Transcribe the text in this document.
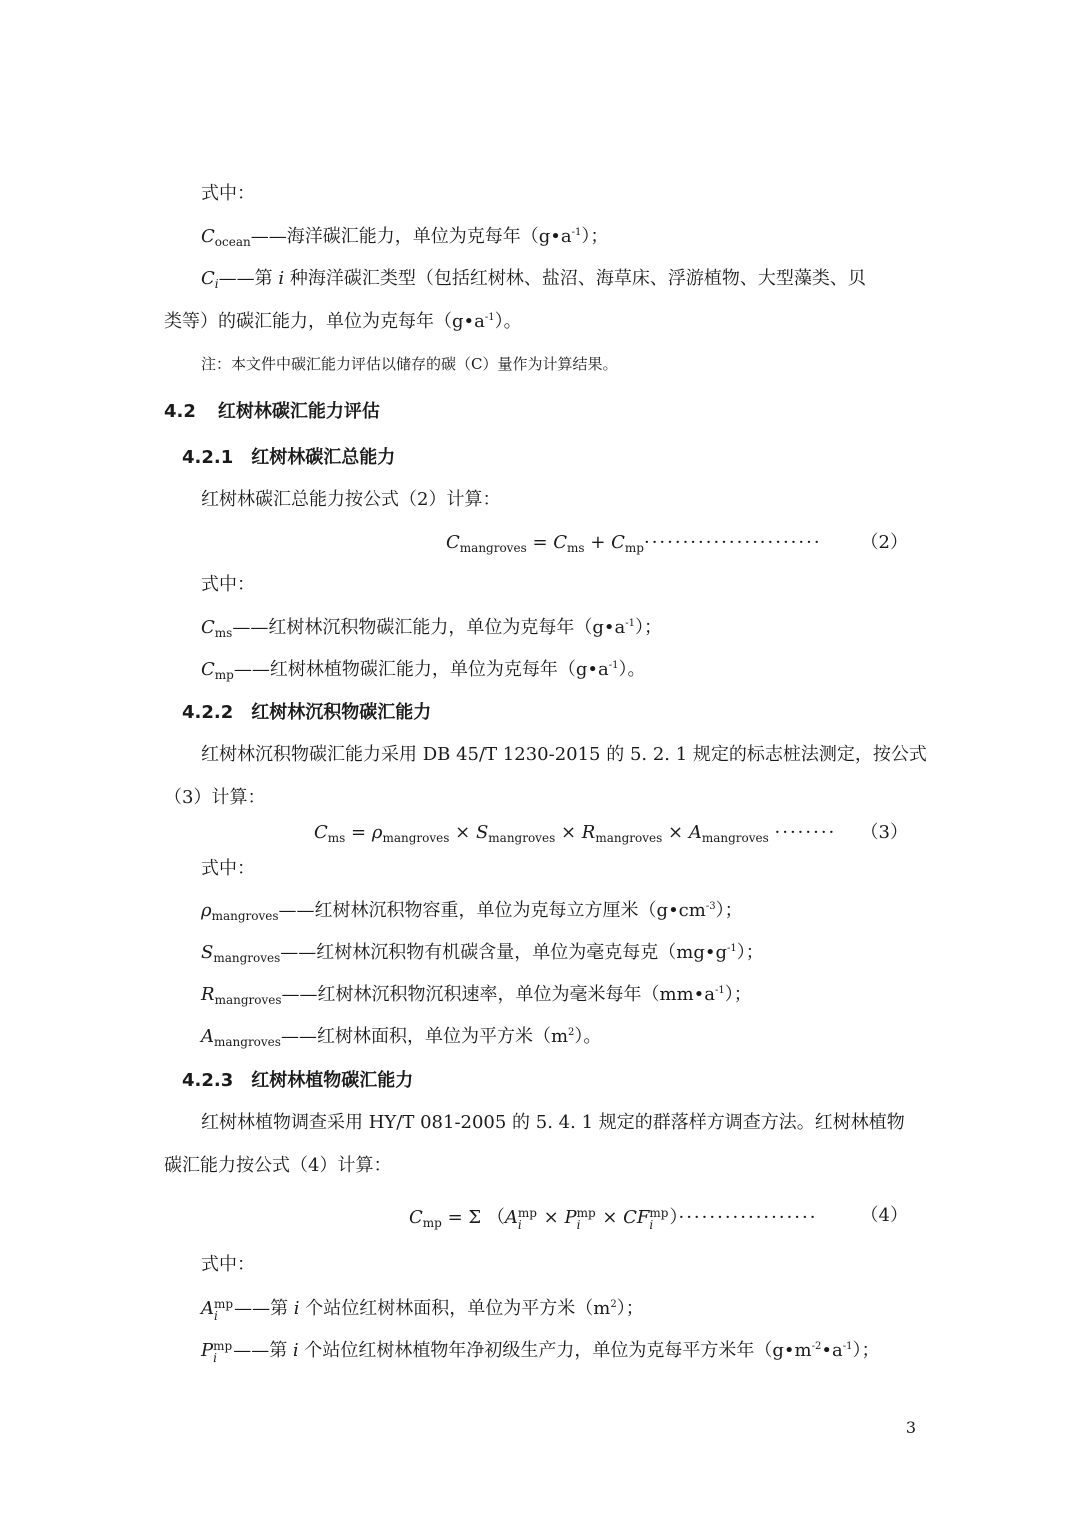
式中：
$C_{ocean}——$海洋碳汇能力，单位为克每年$(g•a^{-1})$；
$C_i——$第 i 种海洋碳汇类型（包括红树林、盐沼、海草床、浮游植物、大型藻类、贝
类等）的碳汇能力，单位为克每年$(g•a^{-1})$。
注：本文件中碳汇能力评估以储存的碳（C）量作为计算结果。
4.2 红树林碳汇能力评估
4.2.1 红树林碳汇总能力
红树林碳汇总能力按公式（2）计算：
$C_{mangroves} = C_{ms} + C_{mp}\cdot\cdot\cdot\cdot\cdot\cdot\cdot\cdot\cdot\cdot\cdot\cdot\cdot\cdot\cdot\cdot\cdot\cdot\cdot\cdot\cdot\cdot\cdot (2)$
式中：
$C_{ms}——$红树林沉积物碳汇能力，单位为克每年$(g•a^{-1})$；
$C_{mp}——$红树林植物碳汇能力，单位为克每年$(g•a^{-1})$。
4.2.2 红树林沉积物碳汇能力
红树林沉积物碳汇能力采用 DB 45/T 1230-2015 的 5. 2. 1 规定的标志桩法测定，按公式
（3）计算：
$C_{ms} = \rho_{mangroves} \times S_{mangroves} \times R_{mangroves} \times A_{mangroves}$ ········ （3）
式中：
$\rho_{mangroves}——$红树林沉积物容重，单位为克每立方厘米$(g•cm^{-3})$；
$S_{mangroves}——$红树林沉积物有机碳含量，单位为毫克每克$(mg•g^{-1})$；
$R_{mangroves}——$红树林沉积物沉积速率，单位为毫米每年$(mm•a^{-1})$；
$A_{mangroves}——$红树林面积，单位为平方米$(m^2)$。
4.2.3 红树林植物碳汇能力
红树林植物调查采用 HY/T 081-2005 的 5. 4. 1 规定的群落样方调查方法。红树林植物
碳汇能力按公式（4）计算：
$C_{mp} = \Sigma$ （A mp
i × P mp
i × CF mp
i ）·················· （4）
式中：
A mp
i ——第 i 个站位红树林面积，单位为平方米$(m^2)$；
P mp
i ——第 i 个站位红树林植物年净初级生产力，单位为克每平方米年$(g•m^{-2}•a^{-1})$；
3
